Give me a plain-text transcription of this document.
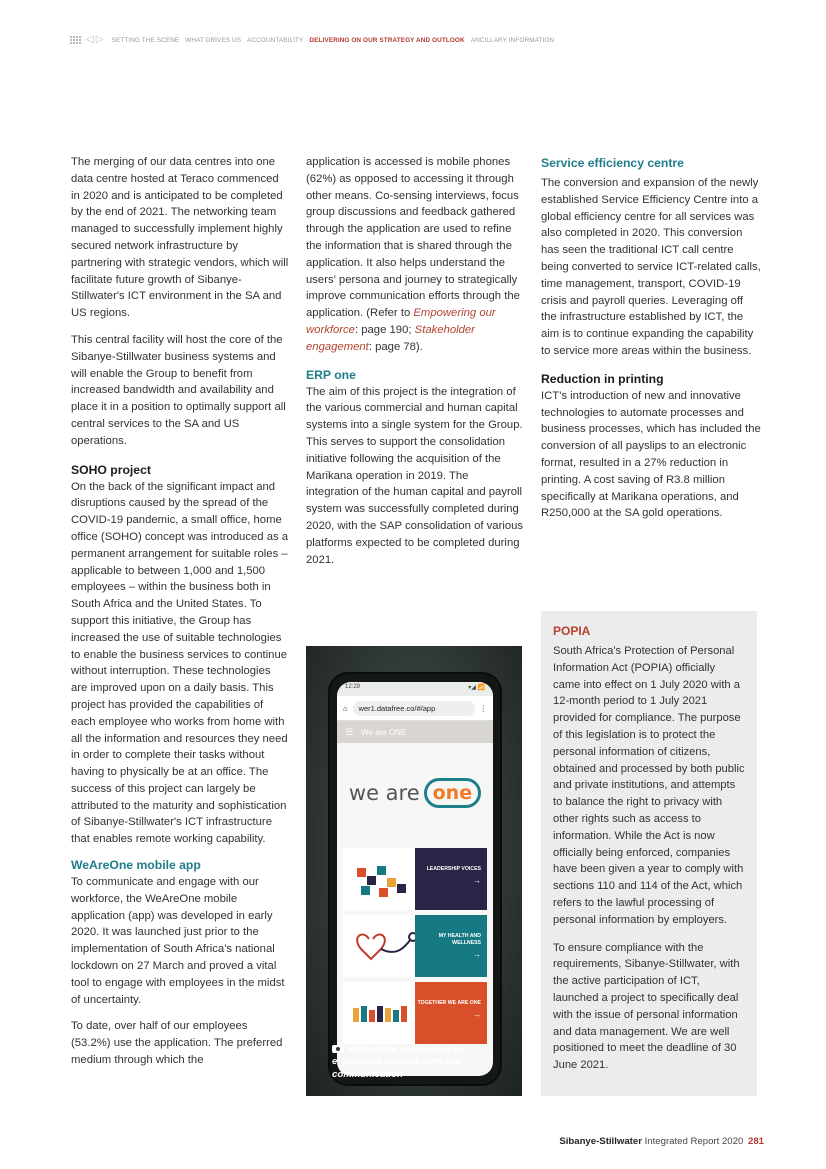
◁ ▷ SETTING THE SCENE WHAT DRIVES US ACCOUNTABILITY DELIVERING ON OUR STRATEGY AND OUTLOOK ANCILLARY INFORMATION

The merging of our data centres into one data centre hosted at Teraco commenced in 2020 and is anticipated to be completed by the end of 2021. The networking team managed to successfully implement highly secured network infrastructure by partnering with strategic vendors, which will facilitate future growth of Sibanye-Stillwater's ICT environment in the SA and US regions.

This central facility will host the core of the Sibanye-Stillwater business systems and will enable the Group to benefit from increased bandwidth and availability and place it in a position to optimally support all central services to the SA and US operations.

SOHO project

On the back of the significant impact and disruptions caused by the spread of the COVID-19 pandemic, a small office, home office (SOHO) concept was introduced as a permanent arrangement for suitable roles – applicable to between 1,000 and 1,500 employees – within the business both in South Africa and the United States. To support this initiative, the Group has increased the use of suitable technologies to enable the business services to continue without interruption. These technologies are improved upon on a daily basis. This project has provided the capabilities of each employee who works from home with all the information and resources they need in order to complete their tasks without having to physically be at an office. The success of this project can largely be attributed to the maturity and sophistication of Sibanye-Stillwater's ICT infrastructure that enables remote working capability.

WeAreOne mobile app

To communicate and engage with our workforce, the WeAreOne mobile application (app) was developed in early 2020. It was launched just prior to the implementation of South Africa's national lockdown on 27 March and proved a vital tool to engage with employees in the midst of uncertainty.

To date, over half of our employees (53.2%) use the application. The preferred medium through which the

application is accessed is mobile phones (62%) as opposed to accessing it through other means. Co-sensing interviews, focus group discussions and feedback gathered through the application are used to refine the information that is shared through the application. It also helps understand the users' persona and journey to strategically improve communication efforts through the application. (Refer to Empowering our workforce: page 190; Stakeholder engagement: page 78).

ERP one

The aim of this project is the integration of the various commercial and human capital systems into a single system for the Group. This serves to support the consolidation initiative following the acquisition of the Marikana operation in 2019. The integration of the human capital and payroll system was successfully completed during 2020, with the SAP consolidation of various platforms expected to be completed during 2021.

Service efficiency centre

The conversion and expansion of the newly established Service Efficiency Centre into a global efficiency centre for all services was also completed in 2020. This conversion has seen the traditional ICT call centre being converted to service ICT-related calls, time management, transport, COVID-19 crisis and payroll queries. Leveraging off the infrastructure established by ICT, the aim is to continue expanding the capability to service more areas within the business.

Reduction in printing

ICT's introduction of new and innovative technologies to automate processes and business processes, which has included the conversion of all payslips to an electronic format, resulted in a 27% reduction in printing. A cost saving of R3.8 million specifically at Marikana operations, and R250,000 at the SA gold operations.

12:29	▾◢ 📶
⌂	wer1.datafree.co/#/app	⋮
☰ We are ONE
we are one
LEADERSHIP VOICES
→
MY HEALTH AND WELLNESS
→
TOGETHER WE ARE ONE
→
WeAreOne application for employees enables effective communication
POPIA

South Africa's Protection of Personal Information Act (POPIA) officially came into effect on 1 July 2020 with a 12-month period to 1 July 2021 provided for compliance. The purpose of this legislation is to protect the personal information of citizens, obtained and processed by both public and private institutions, and attempts to balance the right to privacy with other rights such as access to information. While the Act is now officially being enforced, companies have been given a year to comply with sections 110 and 114 of the Act, which refers to the lawful processing of personal information by employers.

To ensure compliance with the requirements, Sibanye-Stillwater, with the active participation of ICT, launched a project to specifically deal with the issue of personal information and data management. We are well positioned to meet the deadline of 30 June 2021.

Sibanye-Stillwater Integrated Report 2020 281
